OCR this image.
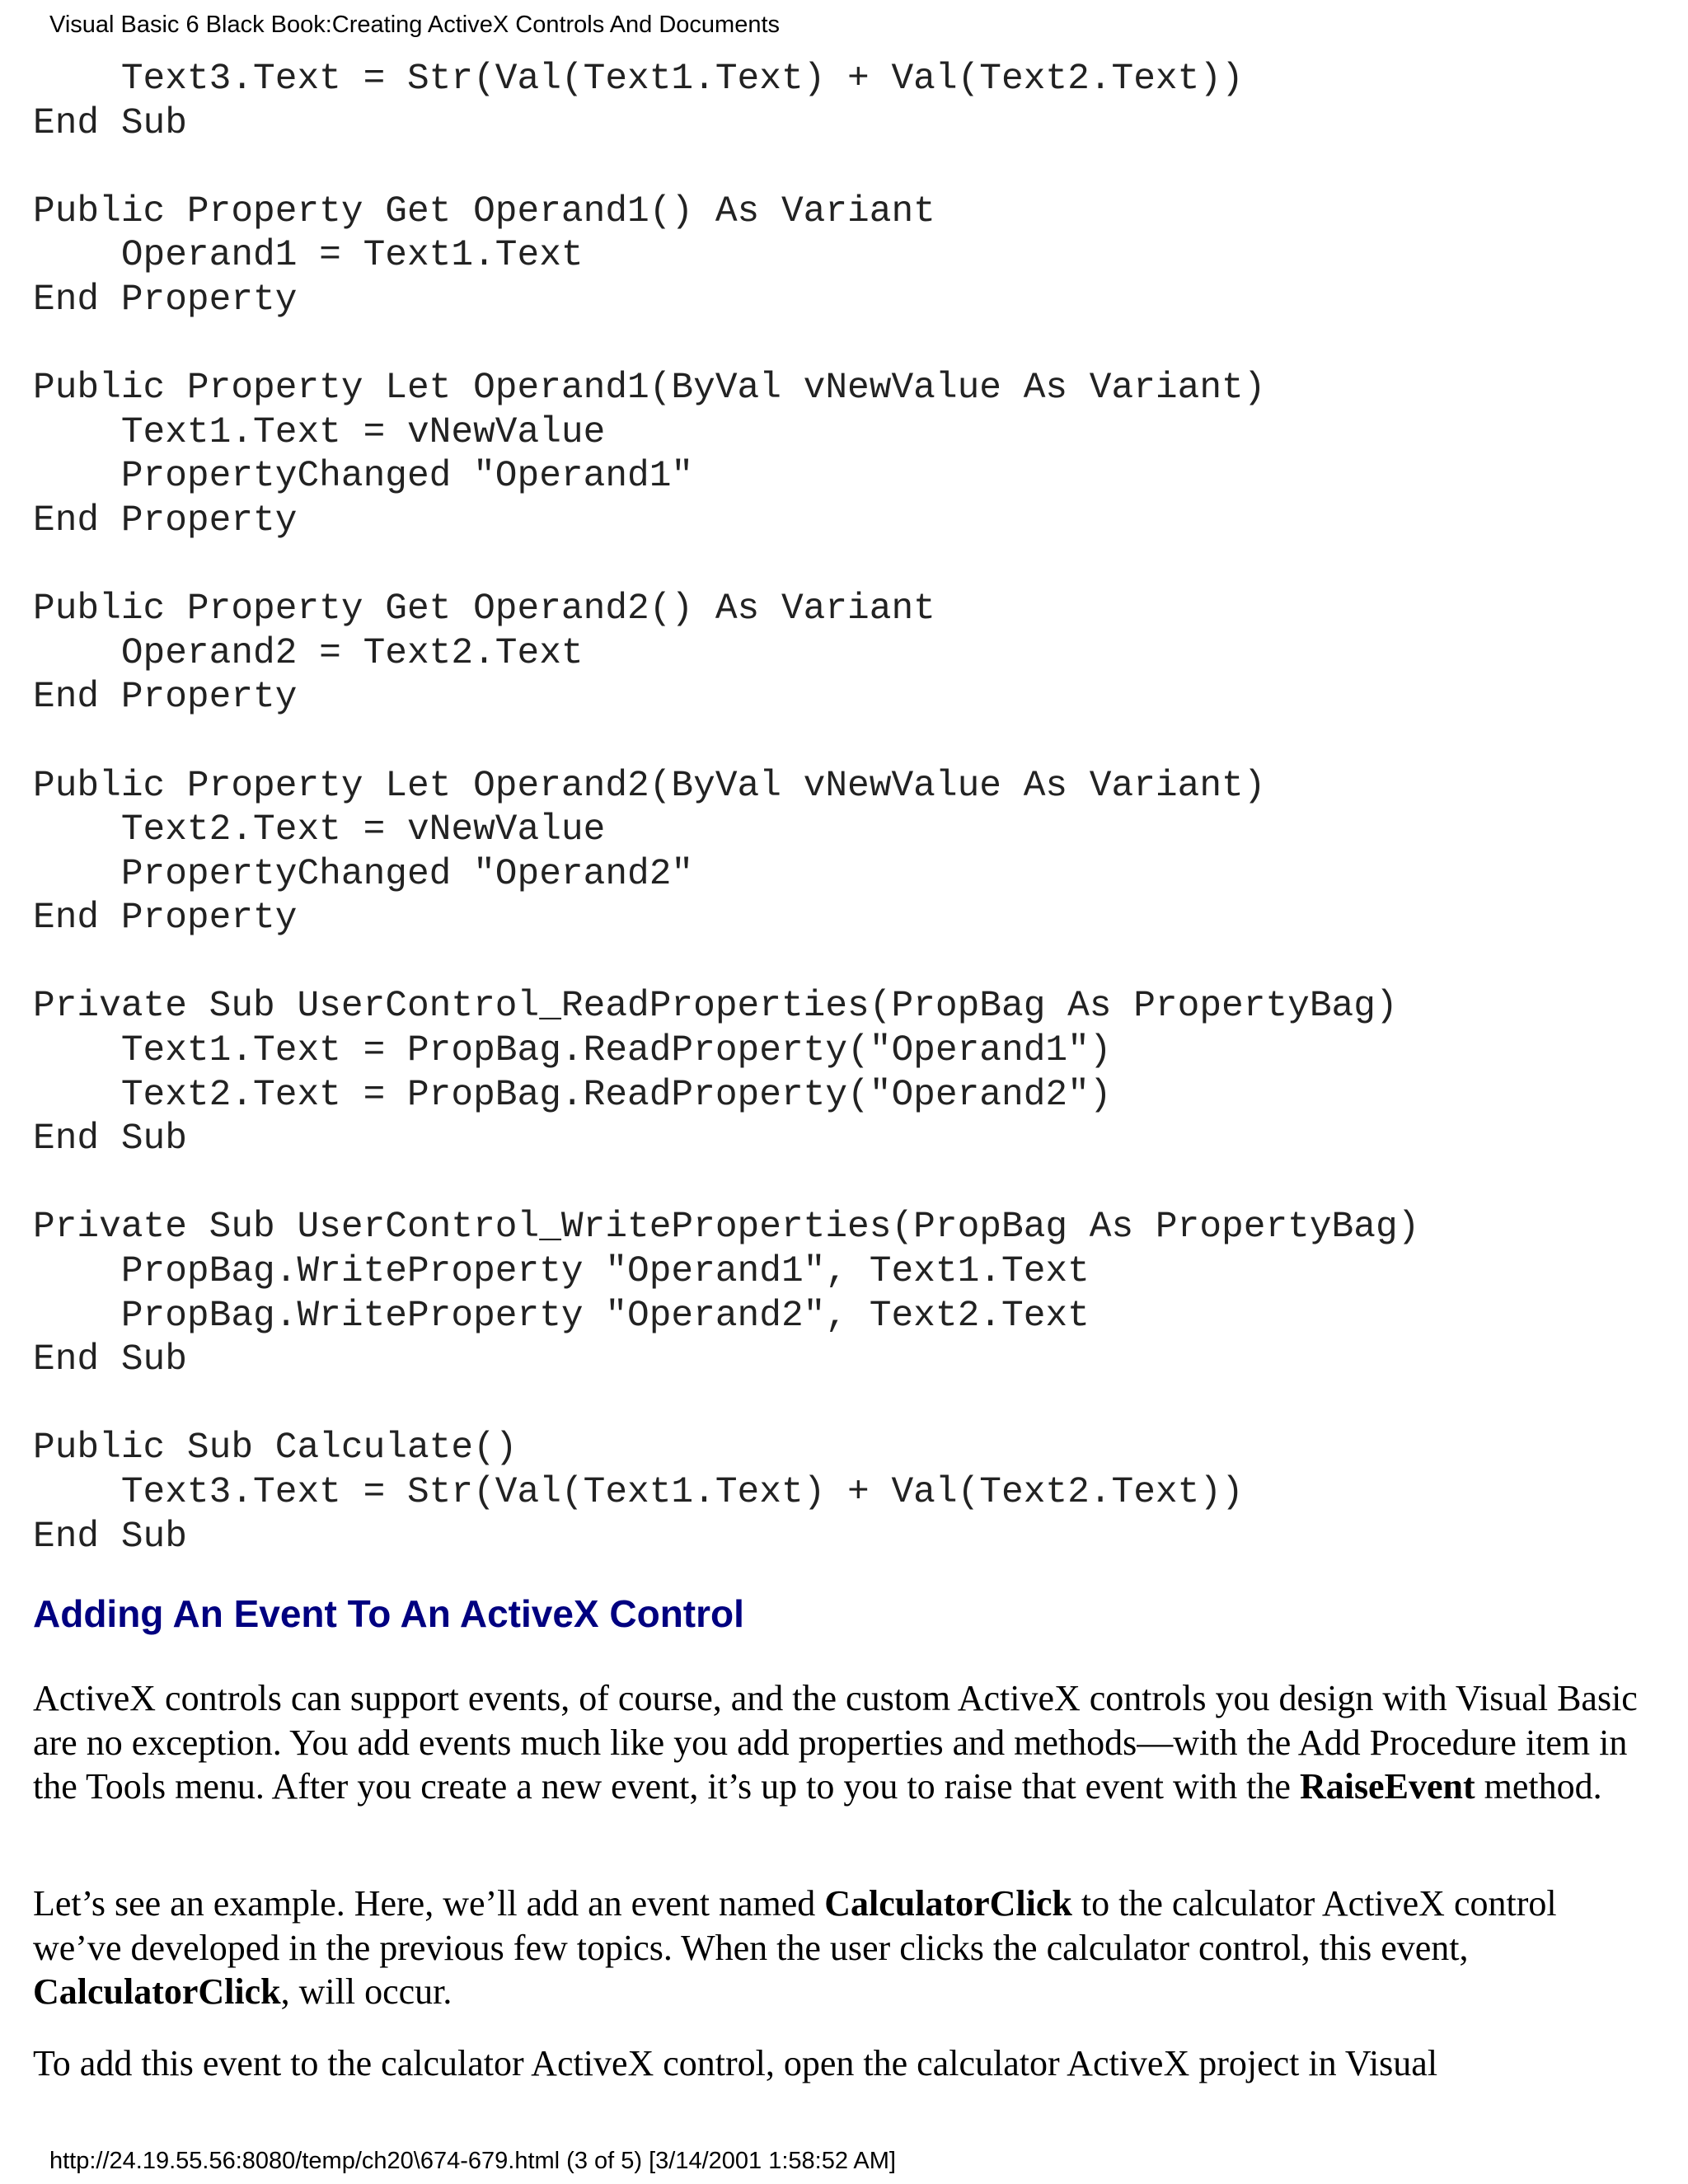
Visual Basic 6 Black Book:Creating ActiveX Controls And Documents
Text3.Text = Str(Val(Text1.Text) + Val(Text2.Text))
End Sub
Public Property Get Operand1() As Variant
Operand1 = Text1.Text
End Property
Public Property Let Operand1(ByVal vNewValue As Variant)
Text1.Text = vNewValue
PropertyChanged "Operand1"
End Property
Public Property Get Operand2() As Variant
Operand2 = Text2.Text
End Property
Public Property Let Operand2(ByVal vNewValue As Variant)
Text2.Text = vNewValue
PropertyChanged "Operand2"
End Property
Private Sub UserControl_ReadProperties(PropBag As PropertyBag)
Text1.Text = PropBag.ReadProperty("Operand1")
Text2.Text = PropBag.ReadProperty("Operand2")
End Sub
Private Sub UserControl_WriteProperties(PropBag As PropertyBag)
PropBag.WriteProperty "Operand1", Text1.Text
PropBag.WriteProperty "Operand2", Text2.Text
End Sub
Public Sub Calculate()
Text3.Text = Str(Val(Text1.Text) + Val(Text2.Text))
End Sub
Adding An Event To An ActiveX Control

ActiveX controls can support events, of course, and the custom ActiveX controls you design with Visual Basic are no exception. You add events much like you add properties and methods—with the Add Procedure item in the Tools menu. After you create a new event, it’s up to you to raise that event with the RaiseEvent method.

Let’s see an example. Here, we’ll add an event named CalculatorClick to the calculator ActiveX control we’ve developed in the previous few topics. When the user clicks the calculator control, this event, CalculatorClick, will occur.

To add this event to the calculator ActiveX control, open the calculator ActiveX project in Visual

http://24.19.55.56:8080/temp/ch20\674-679.html (3 of 5) [3/14/2001 1:58:52 AM]
